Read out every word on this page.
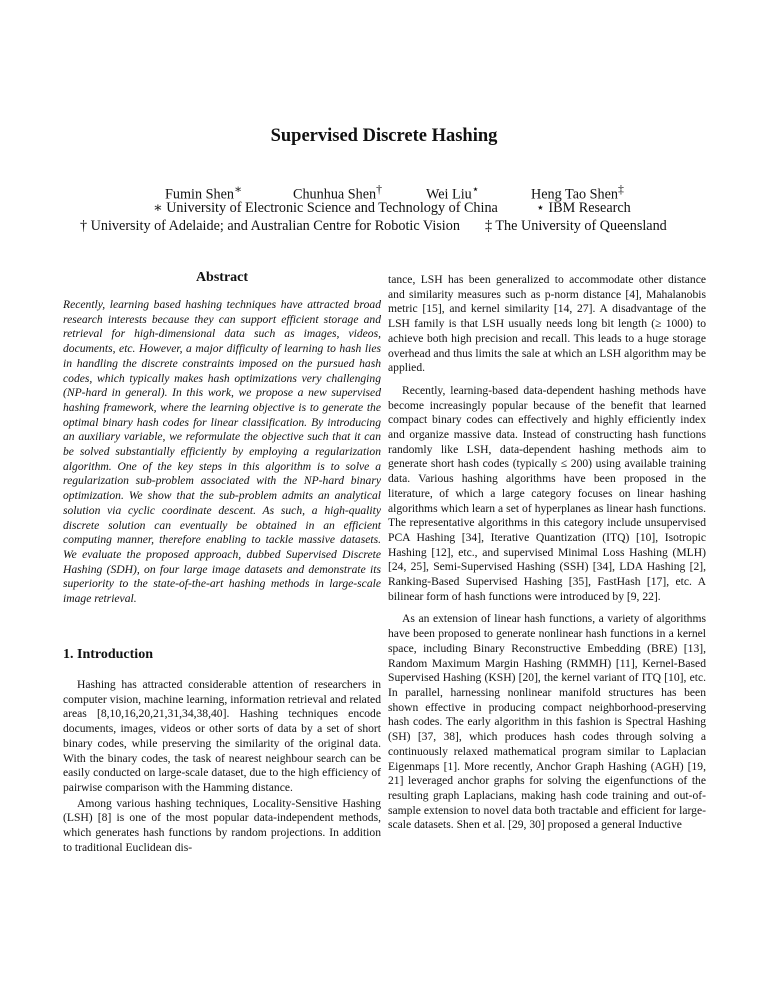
Supervised Discrete Hashing
Fumin Shen∗	Chunhua Shen†	Wei Liu⋆	Heng Tao Shen‡
∗ University of Electronic Science and Technology of China	⋆ IBM Research
† University of Adelaide; and Australian Centre for Robotic Vision ‡ The University of Queensland
Abstract

Recently, learning based hashing techniques have attracted broad research interests because they can support efficient storage and retrieval for high-dimensional data such as images, videos, documents, etc. However, a major difficulty of learning to hash lies in handling the discrete constraints imposed on the pursued hash codes, which typically makes hash optimizations very challenging (NP-hard in general). In this work, we propose a new supervised hashing framework, where the learning objective is to generate the optimal binary hash codes for linear classification. By introducing an auxiliary variable, we reformulate the objective such that it can be solved substantially efficiently by employing a regularization algorithm. One of the key steps in this algorithm is to solve a regularization sub-problem associated with the NP-hard binary optimization. We show that the sub-problem admits an analytical solution via cyclic coordinate descent. As such, a high-quality discrete solution can eventually be obtained in an efficient computing manner, therefore enabling to tackle massive datasets. We evaluate the proposed approach, dubbed Supervised Discrete Hashing (SDH), on four large image datasets and demonstrate its superiority to the state-of-the-art hashing methods in large-scale image retrieval.

1. Introduction

Hashing has attracted considerable attention of researchers in computer vision, machine learning, information retrieval and related areas [8,10,16,20,21,31,34,38,40]. Hashing techniques encode documents, images, videos or other sorts of data by a set of short binary codes, while preserving the similarity of the original data. With the binary codes, the task of nearest neighbour search can be easily conducted on large-scale dataset, due to the high efficiency of pairwise comparison with the Hamming distance.

Among various hashing techniques, Locality-Sensitive Hashing (LSH) [8] is one of the most popular data-independent methods, which generates hash functions by random projections. In addition to traditional Euclidean dis-

tance, LSH has been generalized to accommodate other distance and similarity measures such as p-norm distance [4], Mahalanobis metric [15], and kernel similarity [14, 27]. A disadvantage of the LSH family is that LSH usually needs long bit length (≥ 1000) to achieve both high precision and recall. This leads to a huge storage overhead and thus limits the sale at which an LSH algorithm may be applied.

Recently, learning-based data-dependent hashing methods have become increasingly popular because of the benefit that learned compact binary codes can effectively and highly efficiently index and organize massive data. Instead of constructing hash functions randomly like LSH, data-dependent hashing methods aim to generate short hash codes (typically ≤ 200) using available training data. Various hashing algorithms have been proposed in the literature, of which a large category focuses on linear hashing algorithms which learn a set of hyperplanes as linear hash functions. The representative algorithms in this category include unsupervised PCA Hashing [34], Iterative Quantization (ITQ) [10], Isotropic Hashing [12], etc., and supervised Minimal Loss Hashing (MLH) [24, 25], Semi-Supervised Hashing (SSH) [34], LDA Hashing [2], Ranking-Based Supervised Hashing [35], FastHash [17], etc. A bilinear form of hash functions were introduced by [9, 22].

As an extension of linear hash functions, a variety of algorithms have been proposed to generate nonlinear hash functions in a kernel space, including Binary Reconstructive Embedding (BRE) [13], Random Maximum Margin Hashing (RMMH) [11], Kernel-Based Supervised Hashing (KSH) [20], the kernel variant of ITQ [10], etc. In parallel, harnessing nonlinear manifold structures has been shown effective in producing compact neighborhood-preserving hash codes. The early algorithm in this fashion is Spectral Hashing (SH) [37, 38], which produces hash codes through solving a continuously relaxed mathematical program similar to Laplacian Eigenmaps [1]. More recently, Anchor Graph Hashing (AGH) [19, 21] leveraged anchor graphs for solving the eigenfunctions of the resulting graph Laplacians, making hash code training and out-of-sample extension to novel data both tractable and efficient for large-scale datasets. Shen et al. [29, 30] proposed a general Inductive
